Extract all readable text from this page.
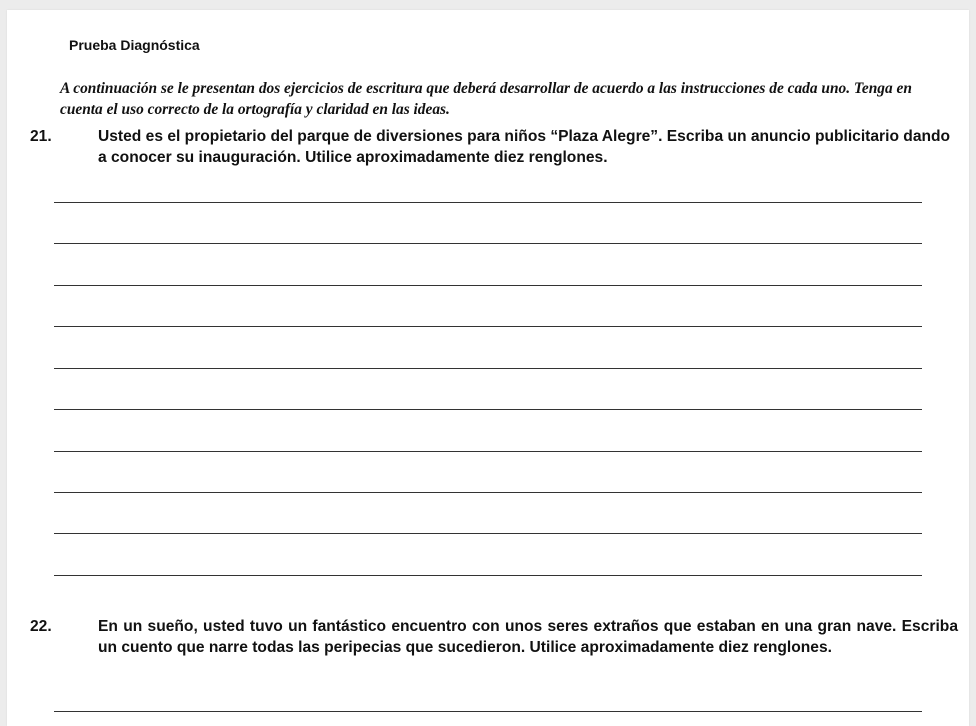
Prueba Diagnóstica

A continuación se le presentan dos ejercicios de escritura que deberá desarrollar de acuerdo a las instrucciones de cada uno. Tenga en cuenta el uso correcto de la ortografía y claridad en las ideas.

21.	Usted es el propietario del parque de diversiones para niños “Plaza Alegre”. Escriba un anuncio publicitario dando a conocer su inauguración. Utilice aproximadamente diez renglones.
22.	En un sueño, usted tuvo un fantástico encuentro con unos seres extraños que estaban en una gran nave. Escriba un cuento que narre todas las peripecias que sucedieron. Utilice aproximadamente diez renglones.
